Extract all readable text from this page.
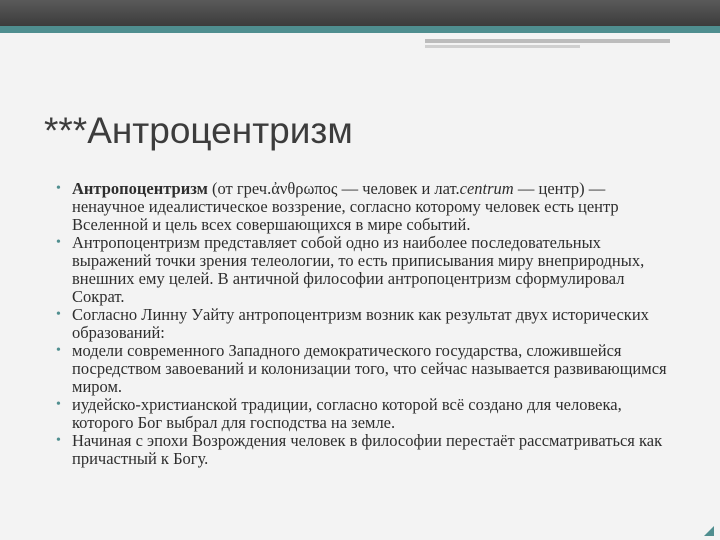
***Антроцентризм
• Антропоцентризм (от греч.ἀνθρωπος — человек и лат.centrum — центр) — ненаучное идеалистическое воззрение, согласно которому человек есть центр Вселенной и цель всех совершающихся в мире событий.
• Антропоцентризм представляет собой одно из наиболее последовательных выражений точки зрения телеологии, то есть приписывания миру внеприродных, внешних ему целей. В античной философии антропоцентризм сформулировал Сократ.
• Согласно Линну Уайту антропоцентризм возник как результат двух исторических образований:
• модели современного Западного демократического государства, сложившейся посредством завоеваний и колонизации того, что сейчас называется развивающимся миром.
• иудейско-христианской традиции, согласно которой всё создано для человека, которого Бог выбрал для господства на земле.
• Начиная с эпохи Возрождения человек в философии перестаёт рассматриваться как причастный к Богу.
